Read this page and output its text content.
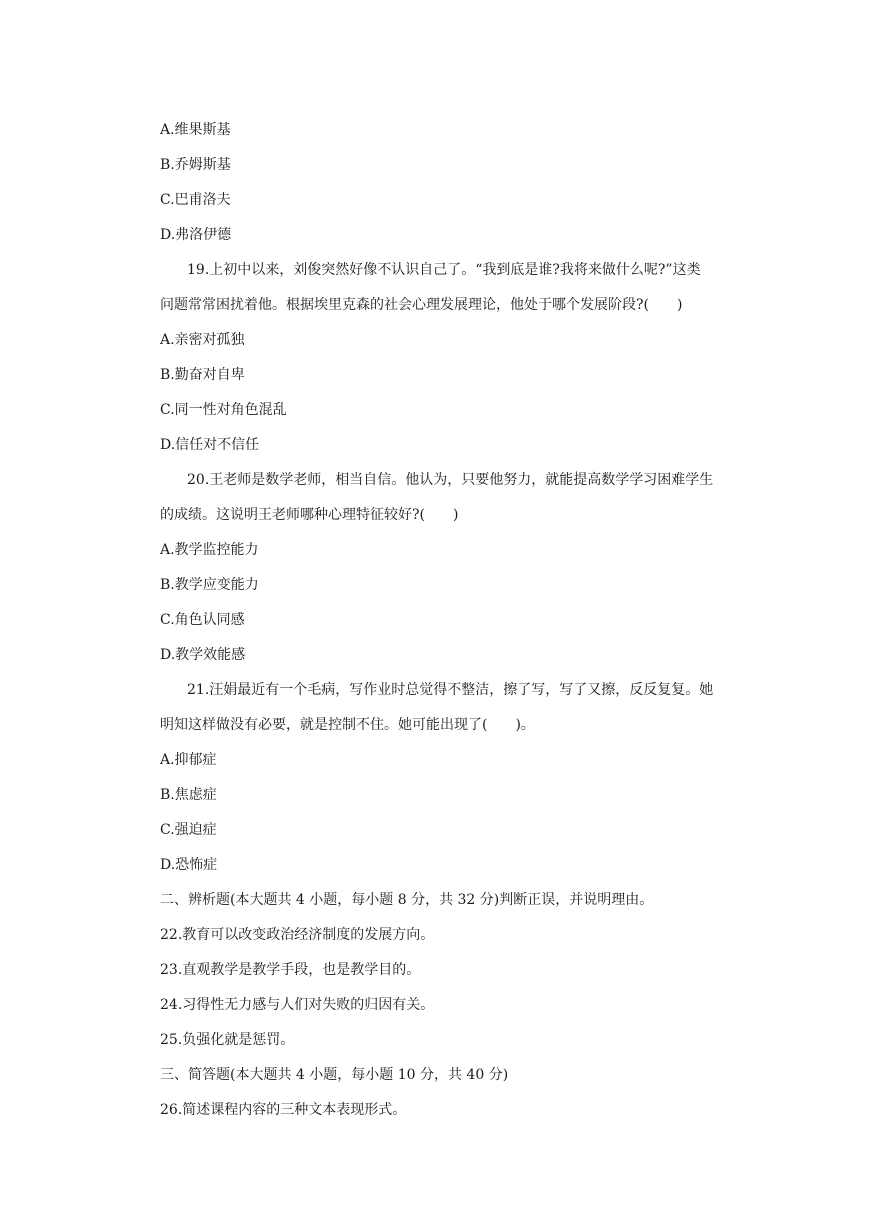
A.维果斯基
B.乔姆斯基
C.巴甫洛夫
D.弗洛伊德
19.上初中以来，刘俊突然好像不认识自己了。“我到底是谁?我将来做什么呢?”这类
问题常常困扰着他。根据埃里克森的社会心理发展理论，他处于哪个发展阶段?(　　)
A.亲密对孤独
B.勤奋对自卑
C.同一性对角色混乱
D.信任对不信任
20.王老师是数学老师，相当自信。他认为，只要他努力，就能提高数学学习困难学生
的成绩。这说明王老师哪种心理特征较好?(　　)
A.教学监控能力
B.教学应变能力
C.角色认同感
D.教学效能感
21.汪娟最近有一个毛病，写作业时总觉得不整洁，擦了写，写了又擦，反反复复。她
明知这样做没有必要，就是控制不住。她可能出现了(　　)。
A.抑郁症
B.焦虑症
C.强迫症
D.恐怖症
二、辨析题(本大题共 4 小题，每小题 8 分，共 32 分)判断正误，并说明理由。
22.教育可以改变政治经济制度的发展方向。
23.直观教学是教学手段，也是教学目的。
24.习得性无力感与人们对失败的归因有关。
25.负强化就是惩罚。
三、简答题(本大题共 4 小题，每小题 10 分，共 40 分)
26.简述课程内容的三种文本表现形式。
